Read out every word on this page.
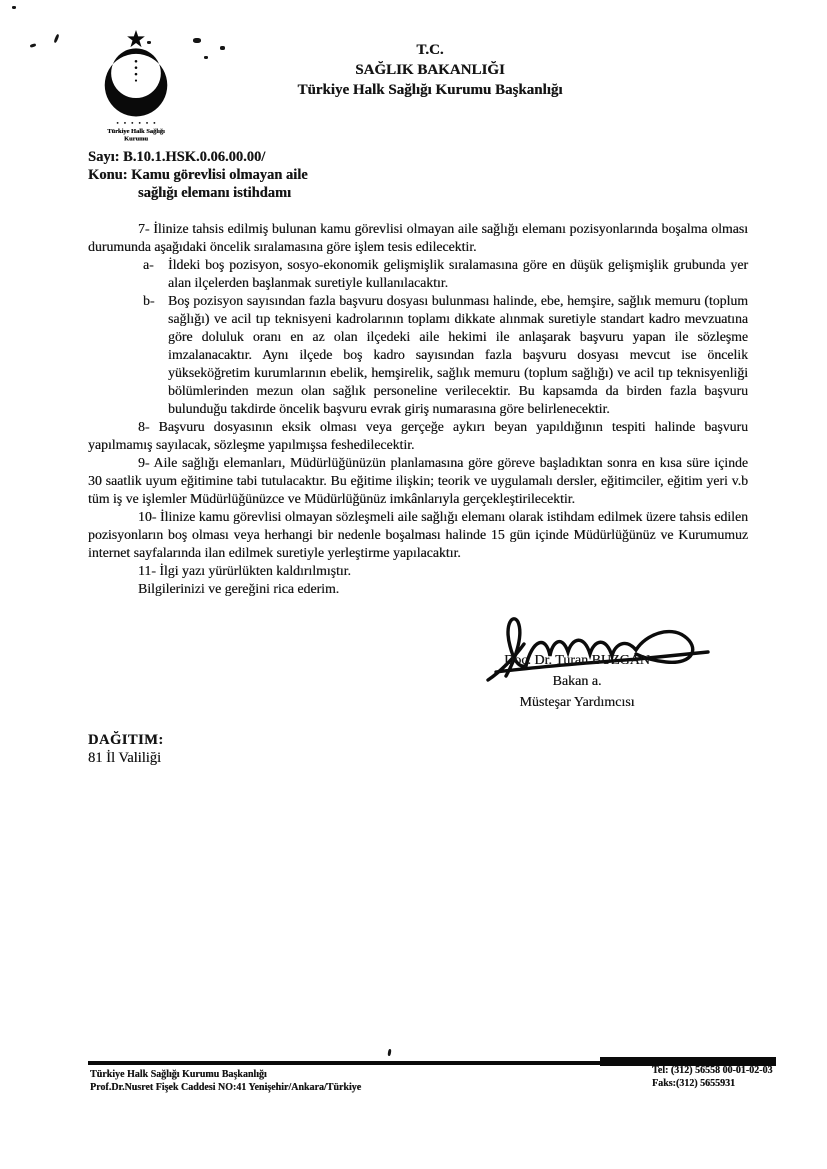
Türkiye Halk Sağlığı
Kurumu
T.C.
SAĞLIK BAKANLIĞI
Türkiye Halk Sağlığı Kurumu Başkanlığı
Sayı: B.10.1.HSK.0.06.00.00/
Konu: Kamu görevlisi olmayan aile
sağlığı elemanı istihdamı

7- İlinize tahsis edilmiş bulunan kamu görevlisi olmayan aile sağlığı elemanı pozisyonlarında boşalma olması durumunda aşağıdaki öncelik sıralamasına göre işlem tesis edilecektir.

a- İldeki boş pozisyon, sosyo-ekonomik gelişmişlik sıralamasına göre en düşük gelişmişlik grubunda yer alan ilçelerden başlanmak suretiyle kullanılacaktır.
b- Boş pozisyon sayısından fazla başvuru dosyası bulunması halinde, ebe, hemşire, sağlık memuru (toplum sağlığı) ve acil tıp teknisyeni kadrolarının toplamı dikkate alınmak suretiyle standart kadro mevzuatına göre doluluk oranı en az olan ilçedeki aile hekimi ile anlaşarak başvuru yapan ile sözleşme imzalanacaktır. Aynı ilçede boş kadro sayısından fazla başvuru dosyası mevcut ise öncelik yükseköğretim kurumlarının ebelik, hemşirelik, sağlık memuru (toplum sağlığı) ve acil tıp teknisyenliği bölümlerinden mezun olan sağlık personeline verilecektir. Bu kapsamda da birden fazla başvuru bulunduğu takdirde öncelik başvuru evrak giriş numarasına göre belirlenecektir.

8- Başvuru dosyasının eksik olması veya gerçeğe aykırı beyan yapıldığının tespiti halinde başvuru yapılmamış sayılacak, sözleşme yapılmışsa feshedilecektir.

9- Aile sağlığı elemanları, Müdürlüğünüzün planlamasına göre göreve başladıktan sonra en kısa süre içinde 30 saatlik uyum eğitimine tabi tutulacaktır. Bu eğitime ilişkin; teorik ve uygulamalı dersler, eğitimciler, eğitim yeri v.b tüm iş ve işlemler Müdürlüğünüzce ve Müdürlüğünüz imkânlarıyla gerçekleştirilecektir.

10- İlinize kamu görevlisi olmayan sözleşmeli aile sağlığı elemanı olarak istihdam edilmek üzere tahsis edilen pozisyonların boş olması veya herhangi bir nedenle boşalması halinde 15 gün içinde Müdürlüğünüz ve Kurumumuz internet sayfalarında ilan edilmek suretiyle yerleştirme yapılacaktır.

11- İlgi yazı yürürlükten kaldırılmıştır.

Bilgilerinizi ve gereğini rica ederim.

Doç. Dr. Turan BUZGAN
Bakan a.
Müsteşar Yardımcısı
DAĞITIM:
81 İl Valiliği
Türkiye Halk Sağlığı Kurumu Başkanlığı
Prof.Dr.Nusret Fişek Caddesi NO:41 Yenişehir/Ankara/Türkiye
Tel: (312) 56558 00-01-02-03
Faks:(312) 5655931
